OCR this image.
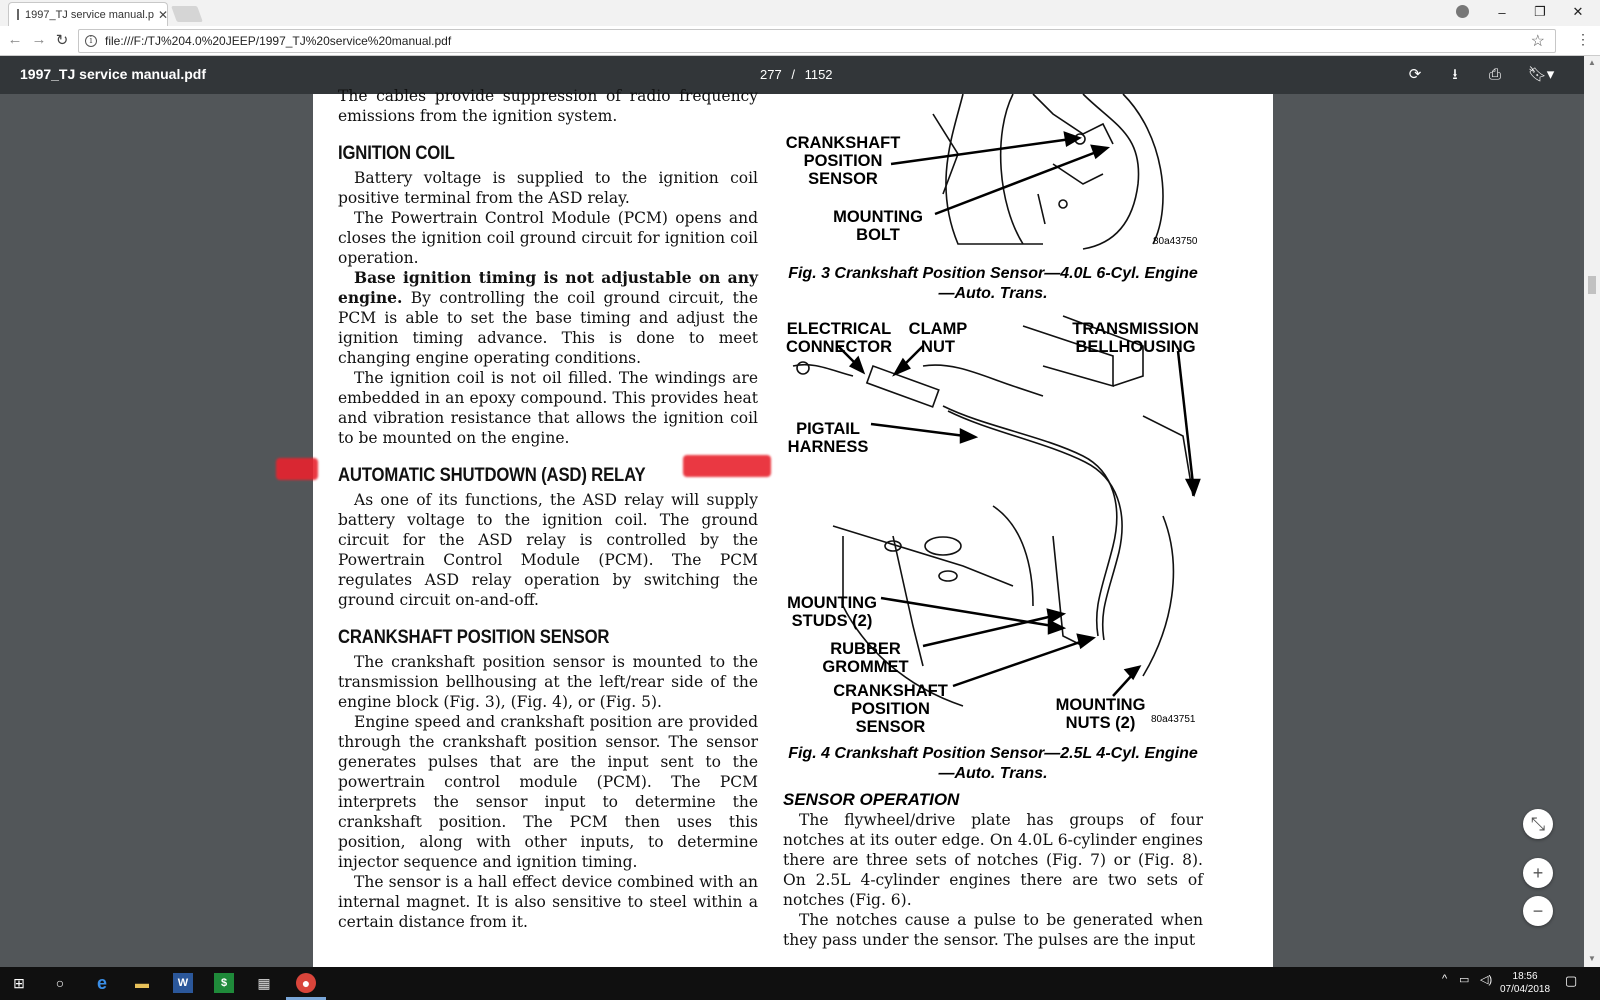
1997_TJ service manual.p ✕	–	❐	✕
← → ↻	i	file:///F:/TJ%204.0%20JEEP/1997_TJ%20service%20manual.pdf	☆ ⋮
1997_TJ service manual.pdf	277 / 1152	⟳	⭳	⎙	🔖︎▾

The cables provide suppression of radio frequency emissions from the ignition system.

IGNITION COIL

Battery voltage is supplied to the ignition coil positive terminal from the ASD relay.

The Powertrain Control Module (PCM) opens and closes the ignition coil ground circuit for ignition coil operation.

Base ignition timing is not adjustable on any engine. By controlling the coil ground circuit, the PCM is able to set the base timing and adjust the ignition timing advance. This is done to meet changing engine operating conditions.

The ignition coil is not oil filled. The windings are embedded in an epoxy compound. This provides heat and vibration resistance that allows the ignition coil to be mounted on the engine.

AUTOMATIC SHUTDOWN (ASD) RELAY

As one of its functions, the ASD relay will supply battery voltage to the ignition coil. The ground circuit for the ASD relay is controlled by the Powertrain Control Module (PCM). The PCM regulates ASD relay operation by switching the ground circuit on-and-off.

CRANKSHAFT POSITION SENSOR

The crankshaft position sensor is mounted to the transmission bellhousing at the left/rear side of the engine block (Fig. 3), (Fig. 4), or (Fig. 5).

Engine speed and crankshaft position are provided through the crankshaft position sensor. The sensor generates pulses that are the input sent to the powertrain control module (PCM). The PCM interprets the sensor input to determine the crankshaft position. The PCM then uses this position, along with other inputs, to determine injector sequence and ignition timing.

The sensor is a hall effect device combined with an internal magnet. It is also sensitive to steel within a certain distance from it.

CRANKSHAFT
POSITION
SENSOR
MOUNTING
BOLT	80a43750
Fig. 3 Crankshaft Position Sensor—4.0L 6-Cyl. Engine—Auto. Trans.
ELECTRICAL
CONNECTOR
CLAMP
NUT
TRANSMISSION
BELLHOUSING
PIGTAIL
HARNESS
MOUNTING
STUDS (2)
RUBBER
GROMMET
CRANKSHAFT
POSITION
SENSOR
MOUNTING
NUTS (2)	80a43751
Fig. 4 Crankshaft Position Sensor—2.5L 4-Cyl. Engine—Auto. Trans.
SENSOR OPERATION

The flywheel/drive plate has groups of four notches at its outer edge. On 4.0L 6-cylinder engines there are three sets of notches (Fig. 7) or (Fig. 8). On 2.5L 4-cylinder engines there are two sets of notches (Fig. 6).

The notches cause a pulse to be generated when they pass under the sensor. The pulses are the input

⤡
+
−
▲
▼
⊞	○	e	▬	W	$	▦	●	^ ▭ ◁)	18:56
07/04/2018
▢
